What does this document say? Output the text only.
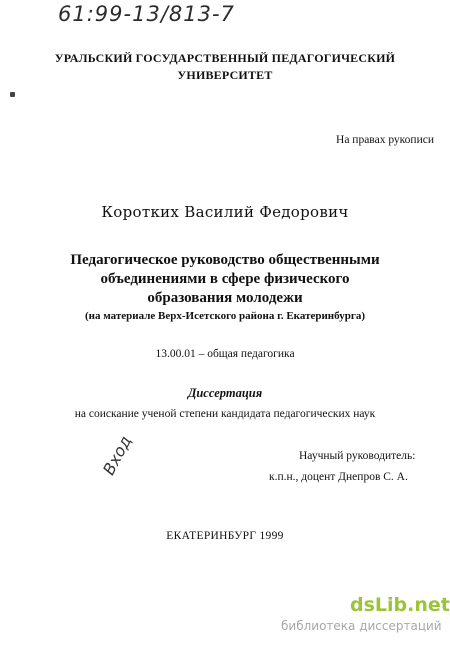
61:99-13/813-7
УРАЛЬСКИЙ ГОСУДАРСТВЕННЫЙ ПЕДАГОГИЧЕСКИЙ
УНИВЕРСИТЕТ
На правах рукописи
Коротких Василий Федорович
Педагогическое руководство общественными
объединениями в сфере физического
образования молодежи
(на материале Верх-Исетского района г. Екатеринбурга)
13.00.01 – общая педагогика
Диссертация
на соискание ученой степени кандидата педагогических наук
Вход	Научный руководитель:
к.п.н., доцент Днепров С. А.
ЕКАТЕРИНБУРГ 1999
dsLib.net
библиотека диссертаций
